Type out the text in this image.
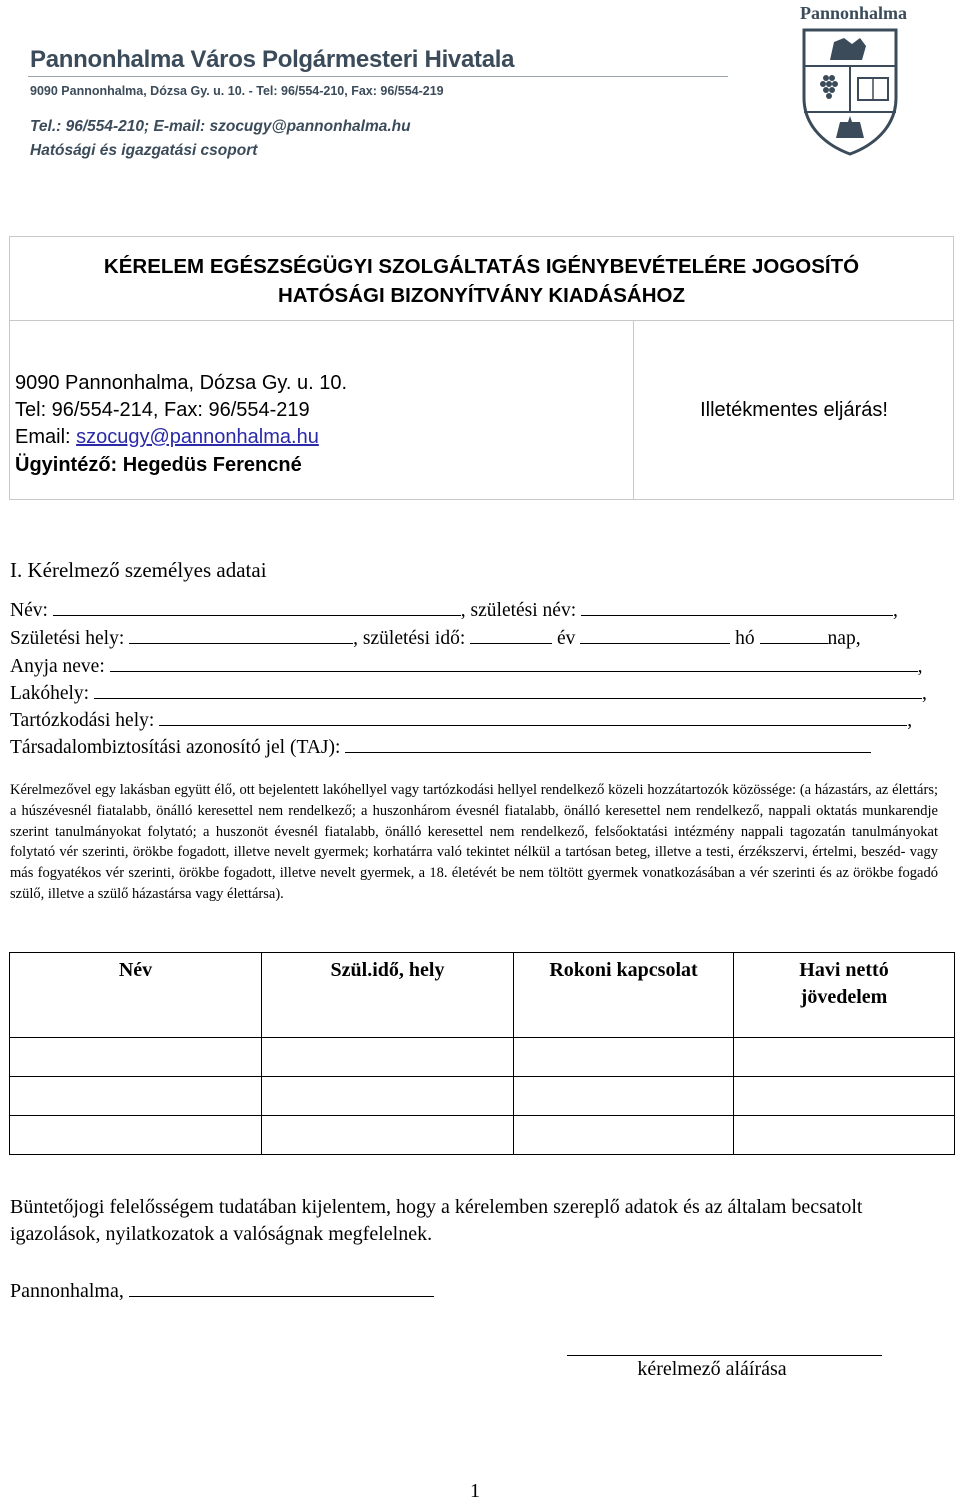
Pannonhalma Város Polgármesteri Hivatala
9090 Pannonhalma, Dózsa Gy. u. 10. - Tel: 96/554-210, Fax: 96/554-219
Tel.: 96/554-210; E-mail: szocugy@pannonhalma.hu
Hatósági és igazgatási csoport
Pannonhalma
KÉRELEM EGÉSZSÉGÜGYI SZOLGÁLTATÁS IGÉNYBEVÉTELÉRE JOGOSÍTÓ
HATÓSÁGI BIZONYÍTVÁNY KIADÁSÁHOZ
9090 Pannonhalma, Dózsa Gy. u. 10.
Tel: 96/554-214, Fax: 96/554-219
Email: szocugy@pannonhalma.hu
Ügyintéző: Hegedüs Ferencné
Illetékmentes eljárás!
I. Kérelmező személyes adatai
Név:	, születési név:	,
Születési hely:	, születési idő:	év	hó	nap,
Anyja neve:	,
Lakóhely:	,
Tartózkodási hely:	,
Társadalombiztosítási azonosító jel (TAJ):
Kérelmezővel egy lakásban együtt élő, ott bejelentett lakóhellyel vagy tartózkodási hellyel rendelkező közeli hozzátartozók közössége: (a házastárs, az élettárs; a húszévesnél fiatalabb, önálló keresettel nem rendelkező; a huszonhárom évesnél fiatalabb, önálló keresettel nem rendelkező, nappali oktatás munkarendje szerint tanulmányokat folytató; a huszonöt évesnél fiatalabb, önálló keresettel nem rendelkező, felsőoktatási intézmény nappali tagozatán tanulmányokat folytató vér szerinti, örökbe fogadott, illetve nevelt gyermek; korhatárra való tekintet nélkül a tartósan beteg, illetve a testi, érzékszervi, értelmi, beszéd- vagy más fogyatékos vér szerinti, örökbe fogadott, illetve nevelt gyermek, a 18. életévét be nem töltött gyermek vonatkozásában a vér szerinti és az örökbe fogadó szülő, illetve a szülő házastársa vagy élettársa).
Név	Szül.idő, hely	Rokoni kapcsolat	Havi nettó jövedelem

Büntetőjogi felelősségem tudatában kijelentem, hogy a kérelemben szereplő adatok és az általam becsatolt igazolások, nyilatkozatok a valóságnak megfelelnek.
Pannonhalma,
kérelmező aláírása
1
